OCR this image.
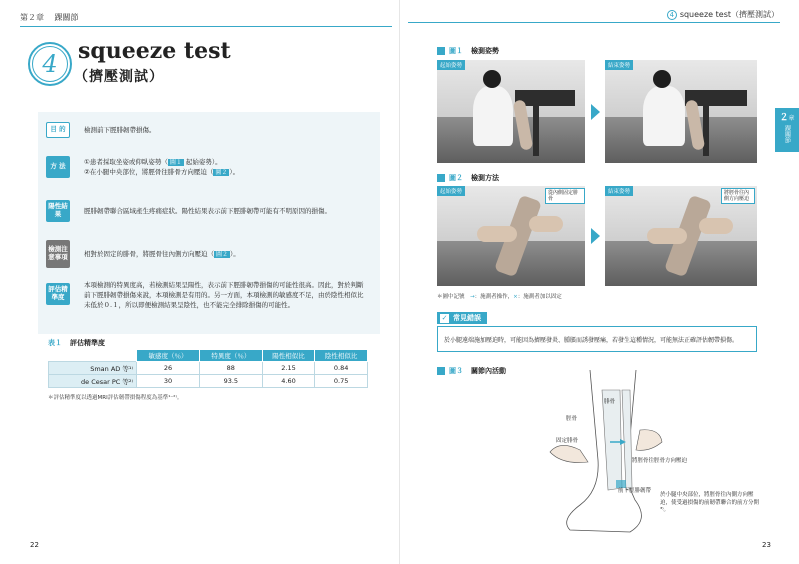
第２章 踝關節	4 squeeze test（擠壓測試）
4 squeeze test
（擠壓測試）
目 的	檢測前下脛腓韌帶損傷。
方 法
①患者採取坐姿或仰臥姿勢（ 圖１ 起始姿勢）。
②在小腿中央部位，將脛骨往腓骨方向壓迫（ 圖２ ）。
陽性結果	脛腓韌帶聯合區域產生疼痛症狀。陽性結果表示前下脛腓韌帶可能有不明原因的損傷。
檢測注意事項	相對於固定的腓骨，將脛骨往內側方向壓迫（ 圖２ ）。
評估精準度
本項檢測的特異度高，若檢測結果呈陽性，表示前下脛腓韌帶損傷的可能性很高。因此，對於判斷前下脛腓韌帶損傷來說，本項檢測是有用的。另一方面，本項檢測的敏感度不足，由於陰性相似比未低於０.１，所以即便檢測結果呈陰性，也不能完全排除損傷的可能性。
表１ 評估精準度
	敏感度（％）	特異度（％）	陽性相似比	陰性相似比
Sman AD 等¹⁾	26	88	2.15	0.84
de Cesar PC 等²⁾	30	93.5	4.60	0.75
＊評估精準度以透過MRI評估韌帶損傷程度為基準¹⁻²⁾。
圖１ 檢測姿勢
起始姿勢	結束姿勢
２章
踝關節
圖２ 檢測方法
起始姿勢	從內側固定腓骨
結束姿勢	將脛骨往內側方向壓迫
＊圖中記號　→：施測者操作，×：施測者加以固定
✓ 常見錯誤
於小腿遠端施加壓迫時，可能因為擠壓發炎、腫脹而誘發壓痛，若發生這種情況，可能無法正確評估韌帶損傷。
圖３ 關節內活動
腓骨
脛骨
固定腓骨
將脛骨往脛骨方向壓迫
前下脛腓韌帶
於小腿中央部位，將脛骨往內側方向壓迫，使受過損傷的前韌帶聯合的前方分開³⁾。
22	23
